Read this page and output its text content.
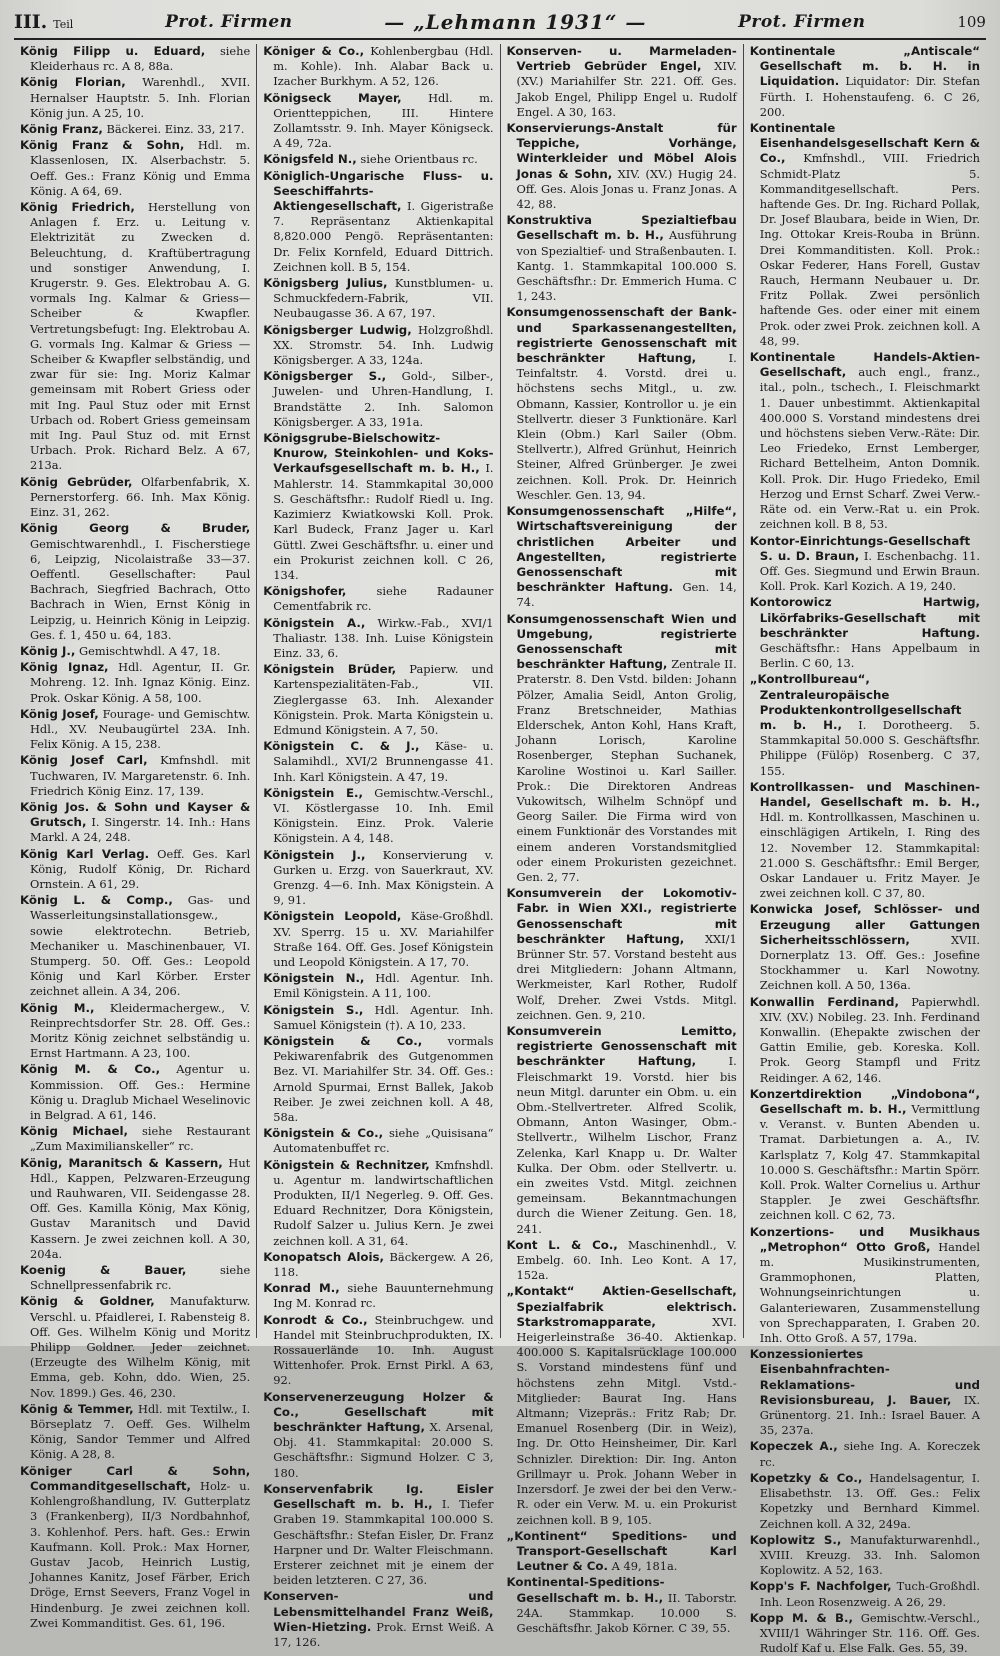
III. Teil	Prot. Firmen	— „Lehmann 1931“ —	Prot. Firmen	109

König Filipp u. Eduard, siehe Kleiderhaus rc. A 8, 88a.

König Florian, Warenhdl., XVII. Hernalser Hauptstr. 5. Inh. Florian König jun. A 25, 10.

König Franz, Bäckerei. Einz. 33, 217.

König Franz & Sohn, Hdl. m. Klassenlosen, IX. Alserbachstr. 5. Oeff. Ges.: Franz König und Emma König. A 64, 69.

König Friedrich, Herstellung von Anlagen f. Erz. u. Leitung v. Elektrizität zu Zwecken d. Beleuchtung, d. Kraftübertragung und sonstiger Anwendung, I. Krugerstr. 9. Ges. Elektrobau A. G. vormals Ing. Kalmar & Griess—Scheiber & Kwapfler. Vertretungsbefugt: Ing. Elektrobau A. G. vormals Ing. Kalmar & Griess — Scheiber & Kwapfler selbständig, und zwar für sie: Ing. Moriz Kalmar gemeinsam mit Robert Griess oder mit Ing. Paul Stuz oder mit Ernst Urbach od. Robert Griess gemeinsam mit Ing. Paul Stuz od. mit Ernst Urbach. Prok. Richard Belz. A 67, 213a.

König Gebrüder, Olfarbenfabrik, X. Pernerstorferg. 66. Inh. Max König. Einz. 31, 262.

König Georg & Bruder, Gemischtwarenhdl., I. Fischerstiege 6, Leipzig, Nicolaistraße 33—37. Oeffentl. Gesellschafter: Paul Bachrach, Siegfried Bachrach, Otto Bachrach in Wien, Ernst König in Leipzig, u. Heinrich König in Leipzig. Ges. f. 1, 450 u. 64, 183.

König J., Gemischtwhdl. A 47, 18.

König Ignaz, Hdl. Agentur, II. Gr. Mohreng. 12. Inh. Ignaz König. Einz. Prok. Oskar König. A 58, 100.

König Josef, Fourage- und Gemischtw. Hdl., XV. Neubaugürtel 23A. Inh. Felix König. A 15, 238.

König Josef Carl, Kmfnshdl. mit Tuchwaren, IV. Margaretenstr. 6. Inh. Friedrich König Einz. 17, 139.

König Jos. & Sohn und Kayser & Grutsch, I. Singerstr. 14. Inh.: Hans Markl. A 24, 248.

König Karl Verlag. Oeff. Ges. Karl König, Rudolf König, Dr. Richard Ornstein. A 61, 29.

König L. & Comp., Gas- und Wasserleitungsinstallationsgew., sowie elektrotechn. Betrieb, Mechaniker u. Maschinenbauer, VI. Stumperg. 50. Off. Ges.: Leopold König und Karl Körber. Erster zeichnet allein. A 34, 206.

König M., Kleidermachergew., V. Reinprechtsdorfer Str. 28. Off. Ges.: Moritz König zeichnet selbständig u. Ernst Hartmann. A 23, 100.

König M. & Co., Agentur u. Kommission. Off. Ges.: Hermine König u. Draglub Michael Weselinovic in Belgrad. A 61, 146.

König Michael, siehe Restaurant „Zum Maximilianskeller“ rc.

König, Maranitsch & Kassern, Hut Hdl., Kappen, Pelzwaren-Erzeugung und Rauhwaren, VII. Seidengasse 28. Off. Ges. Kamilla König, Max König, Gustav Maranitsch und David Kassern. Je zwei zeichnen koll. A 30, 204a.

Koenig & Bauer,	siehe Schnellpressenfabrik rc.

König & Goldner, Manufakturw. Verschl. u. Pfaidlerei, I. Rabensteig 8. Off. Ges. Wilhelm König und Moritz Philipp Goldner. Jeder zeichnet. (Erzeugte des Wilhelm König, mit Emma, geb. Kohn, ddo. Wien, 25. Nov. 1899.) Ges. 46, 230.

König & Temmer, Hdl. mit Textilw., I. Börseplatz 7. Oeff. Ges. Wilhelm König, Sandor Temmer und Alfred König. A 28, 8.

Königer Carl & Sohn, Commanditgesellschaft, Holz- u. Kohlengroßhandlung, IV. Gutterplatz 3 (Frankenberg), II/3 Nordbahnhof, 3. Kohlenhof. Pers. haft. Ges.: Erwin Kaufmann. Koll. Prok.: Max Horner, Gustav Jacob, Heinrich Lustig, Johannes Kanitz, Josef Färber, Erich Dröge, Ernst Seevers, Franz Vogel in Hindenburg. Je zwei zeichnen koll. Zwei Kommanditist. Ges. 61, 196.

Königer & Co., Kohlenbergbau (Hdl. m. Kohle). Inh. Alabar Back u. Izacher Burkhym. A 52, 126.

Königseck Mayer, Hdl. m. Orientteppichen, III. Hintere Zollamtsstr. 9. Inh. Mayer Königseck. A 49, 72a.

Königsfeld N., siehe Orientbaus rc.

Königlich-Ungarische Fluss- u. Seeschiffahrts-Aktiengesellschaft, I. Gigeristraße 7. Repräsentanz Aktienkapital 8,820.000 Pengö. Repräsentanten: Dr. Felix Kornfeld, Eduard Dittrich. Zeichnen koll. B 5, 154.

Königsberg Julius, Kunstblumen- u. Schmuckfedern-Fabrik, VII. Neubaugasse 36. A 67, 197.

Königsberger Ludwig, Holzgroßhdl. XX. Stromstr. 54. Inh. Ludwig Königsberger. A 33, 124a.

Königsberger S., Gold-, Silber-, Juwelen- und Uhren-Handlung, I. Brandstätte 2. Inh. Salomon Königsberger. A 33, 191a.

Königsgrube-Bielschowitz-Knurow, Steinkohlen- und Koks-Verkaufsgesellschaft m. b. H., I. Mahlerstr. 14. Stammkapital 30,000 S. Geschäftsfhr.: Rudolf Riedl u. Ing. Kazimierz Kwiatkowski Koll. Prok. Karl Budeck, Franz Jager u. Karl Güttl. Zwei Geschäftsfhr. u. einer und ein Prokurist zeichnen koll. C 26, 134.

Königshofer,	siehe Radauner Cementfabrik rc.

Königstein A., Wirkw.-Fab., XVI/1 Thaliastr. 138. Inh. Luise Königstein Einz. 33, 6.

Königstein Brüder, Papierw. und Kartenspezialitäten-Fab., VII. Zieglergasse 63. Inh. Alexander Königstein. Prok. Marta Königstein u. Edmund Königstein. A 7, 50.

Königstein C. & J., Käse- u. Salamihdl., XVI/2 Brunnengasse 41. Inh. Karl Königstein. A 47, 19.

Königstein E., Gemischtw.-Verschl., VI. Köstlergasse 10. Inh. Emil Königstein. Einz. Prok. Valerie Königstein. A 4, 148.

Königstein J., Konservierung v. Gurken u. Erzg. von Sauerkraut, XV. Grenzg. 4—6. Inh. Max Königstein. A 9, 91.

Königstein Leopold, Käse-Großhdl. XV. Sperrg. 15 u. XV. Mariahilfer Straße 164. Off. Ges. Josef Königstein und Leopold Königstein. A 17, 70.

Königstein N., Hdl. Agentur. Inh. Emil Königstein. A 11, 100.

Königstein S., Hdl. Agentur. Inh. Samuel Königstein (†). A 10, 233.

Königstein & Co., vormals Pekiwarenfabrik des Gutgenommen Bez. VI. Mariahilfer Str. 34. Off. Ges.: Arnold Spurmai, Ernst Ballek, Jakob Reiber. Je zwei zeichnen koll. A 48, 58a.

Königstein & Co., siehe „Quisisana“ Automatenbuffet rc.

Königstein & Rechnitzer, Kmfnshdl. u. Agentur m. landwirtschaftlichen Produkten, II/1 Negerleg. 9. Off. Ges. Eduard Rechnitzer, Dora Königstein, Rudolf Salzer u. Julius Kern. Je zwei zeichnen koll. A 31, 64.

Konopatsch Alois, Bäckergew. A 26, 118.

Konrad M., siehe Bauunternehmung Ing M. Konrad rc.

Konrodt & Co., Steinbruchgew. und Handel mit Steinbruchprodukten, IX. Rossauerlände 10. Inh. August Wittenhofer. Prok. Ernst Pirkl. A 63, 92.

Konservenerzeugung Holzer & Co., Gesellschaft mit beschränkter Haftung, X. Arsenal, Obj. 41. Stammkapital: 20.000 S. Geschäftsfhr.: Sigmund Holzer. C 3, 180.

Konservenfabrik Ig. Eisler Gesellschaft m. b. H., I. Tiefer Graben 19. Stammkapital 100.000 S. Geschäftsfhr.: Stefan Eisler, Dr. Franz Harpner und Dr. Walter Fleischmann. Ersterer zeichnet mit je einem der beiden letzteren. C 27, 36.

Konserven- und Lebensmittelhandel Franz Weiß, Wien-Hietzing. Prok. Ernst Weiß. A 17, 126.

Konserven- u. Marmeladen-Vertrieb Gebrüder Engel, XIV. (XV.) Mariahilfer Str. 221. Off. Ges. Jakob Engel, Philipp Engel u. Rudolf Engel. A 30, 163.

Konservierungs-Anstalt für Teppiche, Vorhänge, Winterkleider und Möbel Alois Jonas & Sohn, XIV. (XV.) Hugig 24. Off. Ges. Alois Jonas u. Franz Jonas. A 42, 88.

Konstruktiva Spezialtiefbau Gesellschaft m. b. H., Ausführung von Spezialtief- und Straßenbauten. I. Kantg. 1. Stammkapital 100.000 S. Geschäftsfhr.: Dr. Emmerich Huma. C 1, 243.

Konsumgenossenschaft der Bank- und Sparkassenangestellten, registrierte Genossenschaft mit beschränkter Haftung,	I. Teinfaltstr. 4. Vorstd. drei u. höchstens sechs Mitgl., u. zw. Obmann, Kassier, Kontrollor u. je ein Stellvertr. dieser 3 Funktionäre. Karl Klein (Obm.) Karl Sailer (Obm. Stellvertr.), Alfred Grünhut, Heinrich Steiner, Alfred Grünberger. Je zwei zeichnen. Koll. Prok. Dr. Heinrich Weschler. Gen. 13, 94.

Konsumgenossenschaft „Hilfe“, Wirtschaftsvereinigung der christlichen Arbeiter und Angestellten, registrierte Genossenschaft mit beschränkter Haftung. Gen. 14, 74.

Konsumgenossenschaft Wien und Umgebung, registrierte Genossenschaft mit beschränkter Haftung, Zentrale II. Praterstr. 8. Den Vstd. bilden: Johann Pölzer, Amalia Seidl, Anton Grolig, Franz Bretschneider, Mathias Elderschek, Anton Kohl, Hans Kraft, Johann Lorisch, Karoline Rosenberger, Stephan Suchanek, Karoline Wostinoi u. Karl Sailler. Prok.: Die Direktoren Andreas Vukowitsch, Wilhelm Schnöpf und Georg Sailer. Die Firma wird von einem Funktionär des Vorstandes mit einem anderen Vorstandsmitglied oder einem Prokuristen gezeichnet. Gen. 2, 77.

Konsumverein der Lokomotiv-Fabr. in Wien XXI., registrierte Genossenschaft mit beschränkter Haftung, XXI/1 Brünner Str. 57. Vorstand besteht aus drei Mitgliedern: Johann Altmann, Werkmeister, Karl Rother, Rudolf Wolf, Dreher. Zwei Vstds. Mitgl. zeichnen. Gen. 9, 210.

Konsumverein Lemitto, registrierte Genossenschaft mit beschränkter Haftung,	I. Fleischmarkt 19. Vorstd. hier bis neun Mitgl. darunter ein Obm. u. ein Obm.-Stellvertreter. Alfred Scolik, Obmann, Anton Wasinger, Obm.-Stellvertr., Wilhelm Lischor, Franz Zelenka, Karl Knapp u. Dr. Walter Kulka. Der Obm. oder Stellvertr. u. ein zweites Vstd. Mitgl. zeichnen gemeinsam. Bekanntmachungen durch die Wiener Zeitung. Gen. 18, 241.

Kont L. & Co., Maschinenhdl., V. Embelg. 60. Inh. Leo Kont. A 17, 152a.

„Kontakt“ Aktien-Gesellschaft, Spezialfabrik elektrisch. Starkstromapparate,	XVI. Heigerleinstraße 36-40. Aktienkap. 400.000 S. Kapitalsrücklage 100.000 S. Vorstand mindestens fünf und höchstens zehn Mitgl. Vstd.-Mitglieder: Baurat Ing. Hans Altmann; Vizepräs.: Fritz Rab; Dr. Emanuel Rosenberg (Dir. in Weiz), Ing. Dr. Otto Heinsheimer, Dir. Karl Schnizler. Direktion: Dir. Ing. Anton Grillmayr u. Prok. Johann Weber in Inzersdorf. Je zwei der bei den Verw.-R. oder ein Verw. M. u. ein Prokurist zeichnen koll. B 9, 105.

„Kontinent“ Speditions- und Transport-Gesellschaft Karl Leutner & Co. A 49, 181a.

Kontinental-Speditions-Gesellschaft m. b. H., II. Taborstr. 24A. Stammkap. 10.000 S. Geschäftsfhr. Jakob Körner. C 39, 55.

Kontinentale „Antiscale“ Gesellschaft m. b. H. in Liquidation. Liquidator: Dir. Stefan Fürth. I. Hohenstaufeng. 6. C 26, 200.

Kontinentale Eisenhandelsgesellschaft Kern & Co., Kmfnshdl., VIII. Friedrich Schmidt-Platz 5. Kommanditgesellschaft. Pers. haftende Ges. Dr. Ing. Richard Pollak, Dr. Josef Blaubara, beide in Wien, Dr. Ing. Ottokar Kreis-Rouba in Brünn. Drei Kommanditisten. Koll. Prok.: Oskar Federer, Hans Forell, Gustav Rauch, Hermann Neubauer u. Dr. Fritz Pollak. Zwei persönlich haftende Ges. oder einer mit einem Prok. oder zwei Prok. zeichnen koll. A 48, 99.

Kontinentale Handels-Aktien-Gesellschaft, auch engl., franz., ital., poln., tschech., I. Fleischmarkt 1. Dauer unbestimmt. Aktienkapital 400.000 S. Vorstand mindestens drei und höchstens sieben Verw.-Räte: Dir. Leo Friedeko, Ernst Lemberger, Richard Bettelheim, Anton Domnik. Koll. Prok. Dir. Hugo Friedeko, Emil Herzog und Ernst Scharf. Zwei Verw.-Räte od. ein Verw.-Rat u. ein Prok. zeichnen koll. B 8, 53.

Kontor-Einrichtungs-Gesellschaft S. u. D. Braun, I. Eschenbachg. 11. Off. Ges. Siegmund und Erwin Braun. Koll. Prok. Karl Kozich. A 19, 240.

Kontorowicz Hartwig, Likörfabriks-Gesellschaft mit beschränkter Haftung. Geschäftsfhr.: Hans Appelbaum in Berlin. C 60, 13.

„Kontrollbureau“, Zentraleuropäische Produktenkontrollgesellschaft m. b. H., I. Dorotheerg. 5. Stammkapital 50.000 S. Geschäftsfhr. Philippe (Fülöp) Rosenberg. C 37, 155.

Kontrollkassen- und Maschinen-Handel, Gesellschaft m. b. H., Hdl. m. Kontrollkassen, Maschinen u. einschlägigen Artikeln, I. Ring des 12. November 12. Stammkapital: 21.000 S. Geschäftsfhr.: Emil Berger, Oskar Landauer u. Fritz Mayer. Je zwei zeichnen koll. C 37, 80.

Konwicka Josef, Schlösser- und Erzeugung aller Gattungen Sicherheitsschlössern,	XVII. Dornerplatz 13. Off. Ges.: Josefine Stockhammer u. Karl Nowotny. Zeichnen koll. A 50, 136a.

Konwallin Ferdinand, Papierwhdl. XIV. (XV.) Nobileg. 23. Inh. Ferdinand Konwallin. (Ehepakte zwischen der Gattin Emilie, geb. Koreska. Koll. Prok. Georg Stampfl und Fritz Reidinger. A 62, 146.

Konzertdirektion „Vindobona“, Gesellschaft m. b. H., Vermittlung v. Veranst. v. Bunten Abenden u. Tramat. Darbietungen a. A., IV. Karlsplatz 7, Kolg 47. Stammkapital 10.000 S. Geschäftsfhr.: Martin Spörr. Koll. Prok. Walter Cornelius u. Arthur Stappler. Je zwei Geschäftsfhr. zeichnen koll. C 62, 73.

Konzertions- und Musikhaus „Metrophon“ Otto Groß, Handel m. Musikinstrumenten, Grammophonen, Platten, Wohnungseinrichtungen u. Galanteriewaren, Zusammenstellung von Sprechapparaten, I. Graben 20. Inh. Otto Groß. A 57, 179a.

Konzessioniertes Eisenbahnfrachten-Reklamations- und Revisionsbureau, J. Bauer, IX. Grünentorg. 21. Inh.: Israel Bauer. A 35, 237a.

Kopeczek A., siehe Ing. A. Koreczek rc.

Kopetzky & Co., Handelsagentur, I. Elisabethstr. 13. Off. Ges.: Felix Kopetzky und Bernhard Kimmel. Zeichnen koll. A 32, 249a.

Koplowitz S., Manufakturwarenhdl., XVIII. Kreuzg. 33. Inh. Salomon Koplowitz. A 52, 163.

Kopp's F. Nachfolger, Tuch-Großhdl. Inh. Leon Rosenzweig. A 26, 29.

Kopp M. & B., Gemischtw.-Verschl., XVIII/1 Währinger Str. 116. Off. Ges. Rudolf Kaf u. Else Falk. Ges. 55, 39.
